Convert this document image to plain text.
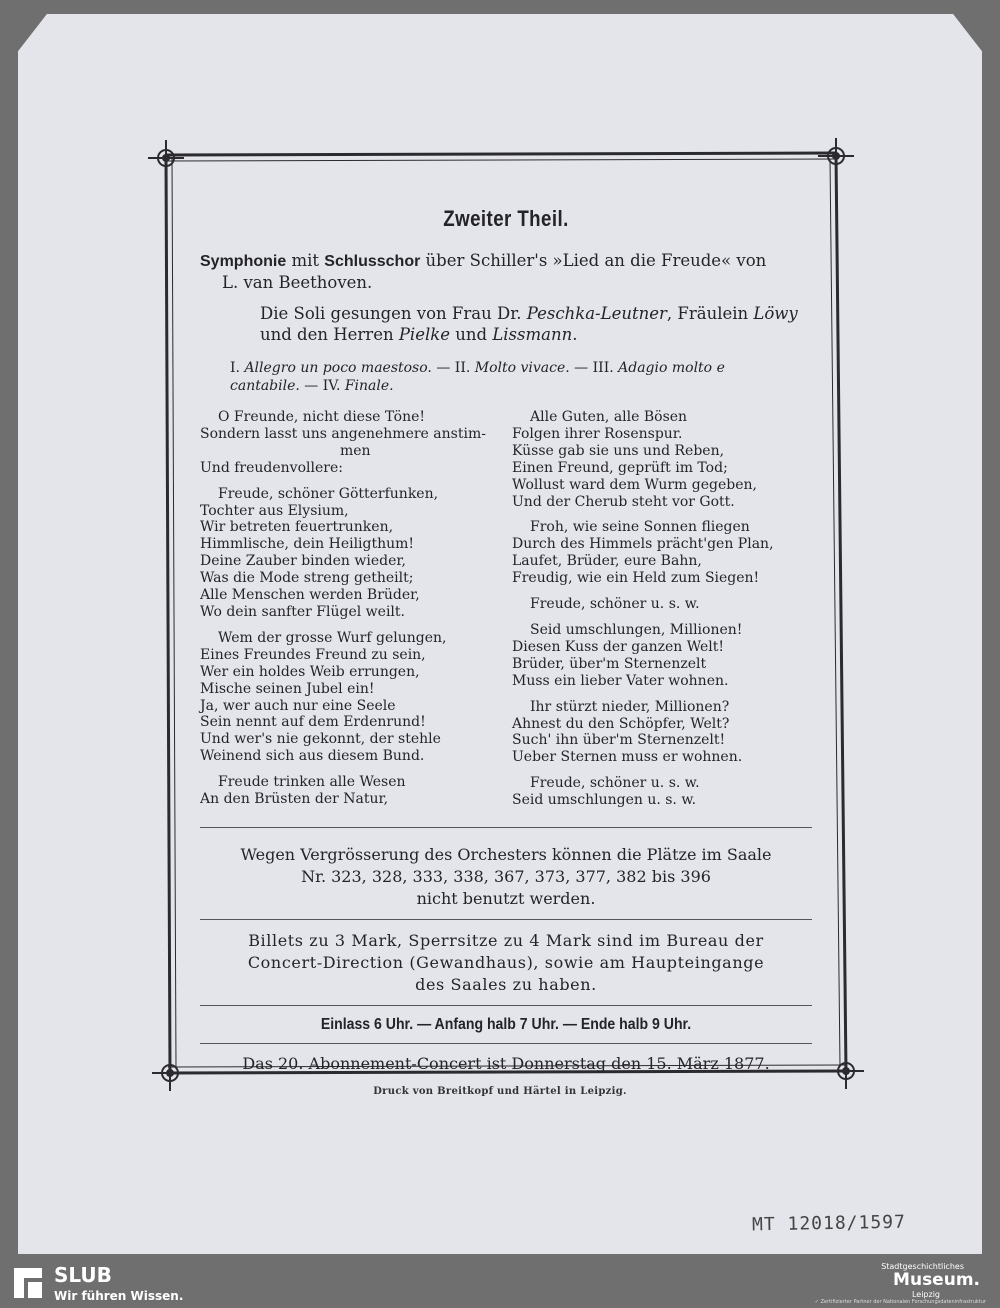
Zweiter Theil.
Symphonie mit Schlusschor über Schiller's »Lied an die Freude« von
L. van Beethoven.
Die Soli gesungen von Frau Dr. Peschka-Leutner, Fräulein Löwy
und den Herren Pielke und Lissmann.
I. Allegro un poco maestoso. — II. Molto vivace. — III. Adagio molto e
cantabile. — IV. Finale.
O Freunde, nicht diese Töne!
Sondern lasst uns angenehmere anstim-
men
Und freudenvollere:
Freude, schöner Götterfunken,
Tochter aus Elysium,
Wir betreten feuertrunken,
Himmlische, dein Heiligthum!
Deine Zauber binden wieder,
Was die Mode streng getheilt;
Alle Menschen werden Brüder,
Wo dein sanfter Flügel weilt.
Wem der grosse Wurf gelungen,
Eines Freundes Freund zu sein,
Wer ein holdes Weib errungen,
Mische seinen Jubel ein!
Ja, wer auch nur eine Seele
Sein nennt auf dem Erdenrund!
Und wer's nie gekonnt, der stehle
Weinend sich aus diesem Bund.
Freude trinken alle Wesen
An den Brüsten der Natur,
Alle Guten, alle Bösen
Folgen ihrer Rosenspur.
Küsse gab sie uns und Reben,
Einen Freund, geprüft im Tod;
Wollust ward dem Wurm gegeben,
Und der Cherub steht vor Gott.
Froh, wie seine Sonnen fliegen
Durch des Himmels prächt'gen Plan,
Laufet, Brüder, eure Bahn,
Freudig, wie ein Held zum Siegen!
Freude, schöner u. s. w.
Seid umschlungen, Millionen!
Diesen Kuss der ganzen Welt!
Brüder, über'm Sternenzelt
Muss ein lieber Vater wohnen.
Ihr stürzt nieder, Millionen?
Ahnest du den Schöpfer, Welt?
Such' ihn über'm Sternenzelt!
Ueber Sternen muss er wohnen.
Freude, schöner u. s. w.
Seid umschlungen u. s. w.
Wegen Vergrösserung des Orchesters können die Plätze im Saale
Nr. 323, 328, 333, 338, 367, 373, 377, 382 bis 396
nicht benutzt werden.
Billets zu 3 Mark, Sperrsitze zu 4 Mark sind im Bureau der
Concert-Direction (Gewandhaus), sowie am Haupteingange
des Saales zu haben.
Einlass 6 Uhr. — Anfang halb 7 Uhr. — Ende halb 9 Uhr.
Das 20. Abonnement-Concert ist Donnerstag den 15. März 1877.
Druck von Breitkopf und Härtel in Leipzig.
MT 12018/1597
SLUB
Wir führen Wissen.
Stadtgeschichtliches
Museum.
Leipzig
✓ Zertifizierter Partner der Nationalen Forschungsdateninfrastruktur
